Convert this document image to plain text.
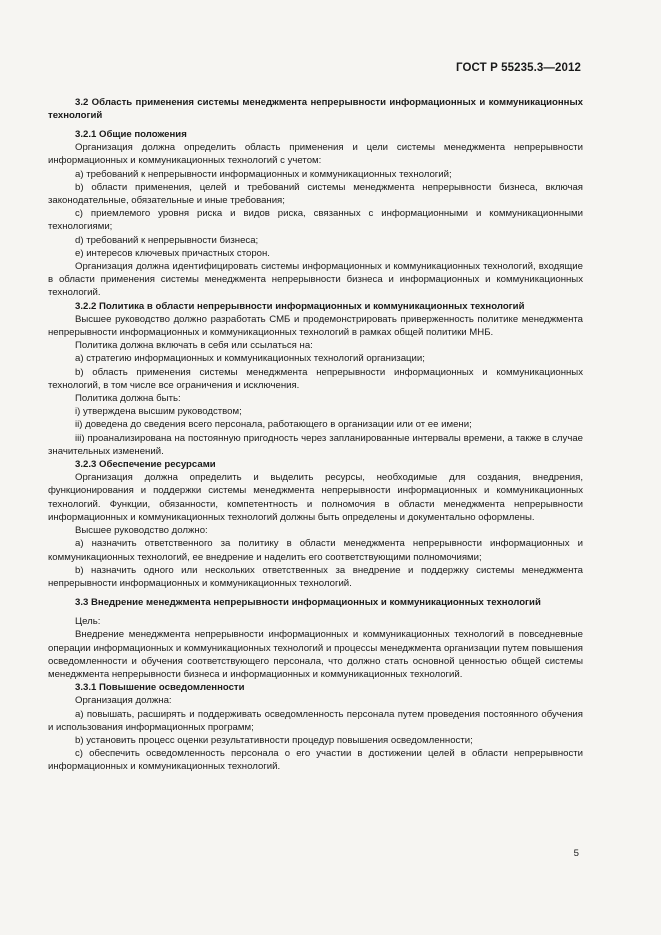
ГОСТ Р 55235.3—2012

3.2 Область применения системы менеджмента непрерывности информационных и коммуникационных технологий

3.2.1 Общие положения

Организация должна определить область применения и цели системы менеджмента непрерывности информационных и коммуникационных технологий с учетом:

a) требований к непрерывности информационных и коммуникационных технологий;

b) области применения, целей и требований системы менеджмента непрерывности бизнеса, включая законодательные, обязательные и иные требования;

c) приемлемого уровня риска и видов риска, связанных с информационными и коммуникационными технологиями;

d) требований к непрерывности бизнеса;

e) интересов ключевых причастных сторон.

Организация должна идентифицировать системы информационных и коммуникационных технологий, входящие в области применения системы менеджмента непрерывности бизнеса и информационных и коммуникационных технологий.

3.2.2 Политика в области непрерывности информационных и коммуникационных технологий

Высшее руководство должно разработать СМБ и продемонстрировать приверженность политике менеджмента непрерывности информационных и коммуникационных технологий в рамках общей политики МНБ.

Политика должна включать в себя или ссылаться на:

a) стратегию информационных и коммуникационных технологий организации;

b) область применения системы менеджмента непрерывности информационных и коммуникационных технологий, в том числе все ограничения и исключения.

Политика должна быть:

i) утверждена высшим руководством;

ii) доведена до сведения всего персонала, работающего в организации или от ее имени;

iii) проанализирована на постоянную пригодность через запланированные интервалы времени, а также в случае значительных изменений.

3.2.3 Обеспечение ресурсами

Организация должна определить и выделить ресурсы, необходимые для создания, внедрения, функционирования и поддержки системы менеджмента непрерывности информационных и коммуникационных технологий. Функции, обязанности, компетентность и полномочия в области менеджмента непрерывности информационных и коммуникационных технологий должны быть определены и документально оформлены.

Высшее руководство должно:

a) назначить ответственного за политику в области менеджмента непрерывности информационных и коммуникационных технологий, ее внедрение и наделить его соответствующими полномочиями;

b) назначить одного или нескольких ответственных за внедрение и поддержку системы менеджмента непрерывности информационных и коммуникационных технологий.

3.3 Внедрение менеджмента непрерывности информационных и коммуникационных технологий

Цель:

Внедрение менеджмента непрерывности информационных и коммуникационных технологий в повседневные операции информационных и коммуникационных технологий и процессы менеджмента организации путем повышения осведомленности и обучения соответствующего персонала, что должно стать основной ценностью общей системы менеджмента непрерывности бизнеса и информационных и коммуникационных технологий.

3.3.1 Повышение осведомленности

Организация должна:

a) повышать, расширять и поддерживать осведомленность персонала путем проведения постоянного обучения и использования информационных программ;

b) установить процесс оценки результативности процедур повышения осведомленности;

c) обеспечить осведомленность персонала о его участии в достижении целей в области непрерывности информационных и коммуникационных технологий.

5
